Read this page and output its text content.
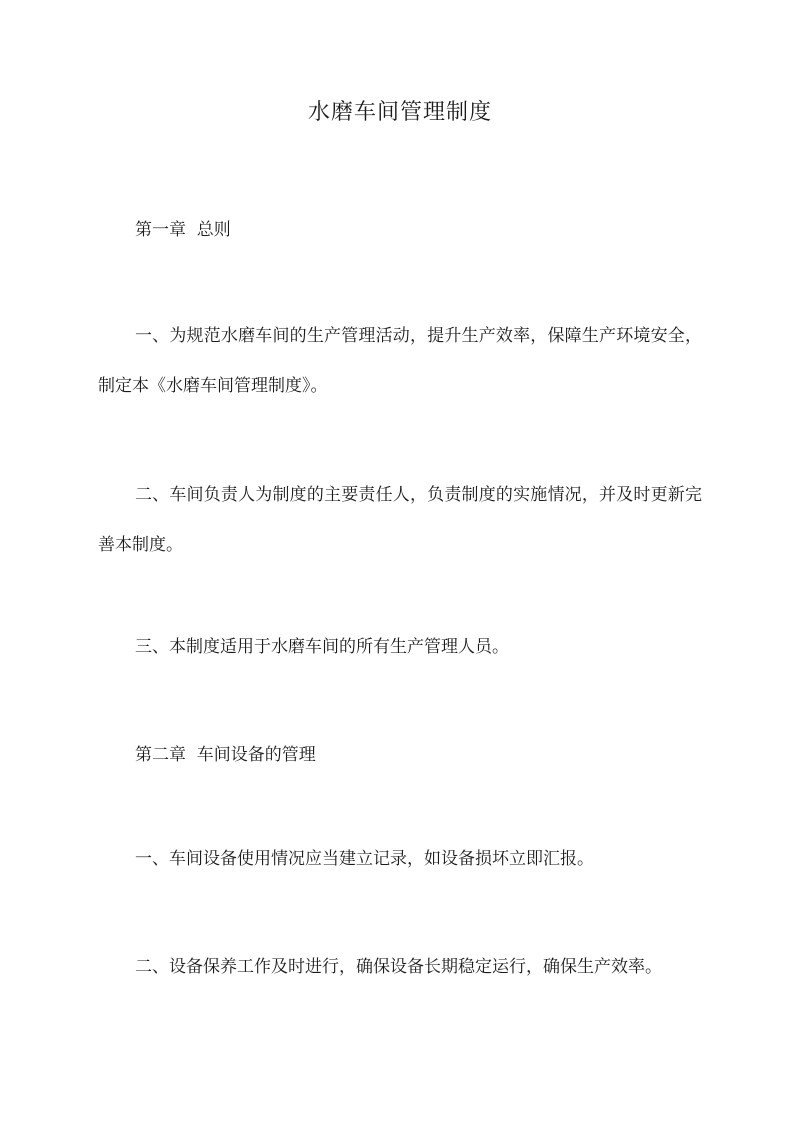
水磨车间管理制度
第一章  总则

一、为规范水磨车间的生产管理活动，提升生产效率，保障生产环境安全，制定本《水磨车间管理制度》。

二、车间负责人为制度的主要责任人，负责制度的实施情况，并及时更新完善本制度。

三、本制度适用于水磨车间的所有生产管理人员。

第二章  车间设备的管理

一、车间设备使用情况应当建立记录，如设备损坏立即汇报。

二、设备保养工作及时进行，确保设备长期稳定运行，确保生产效率。
